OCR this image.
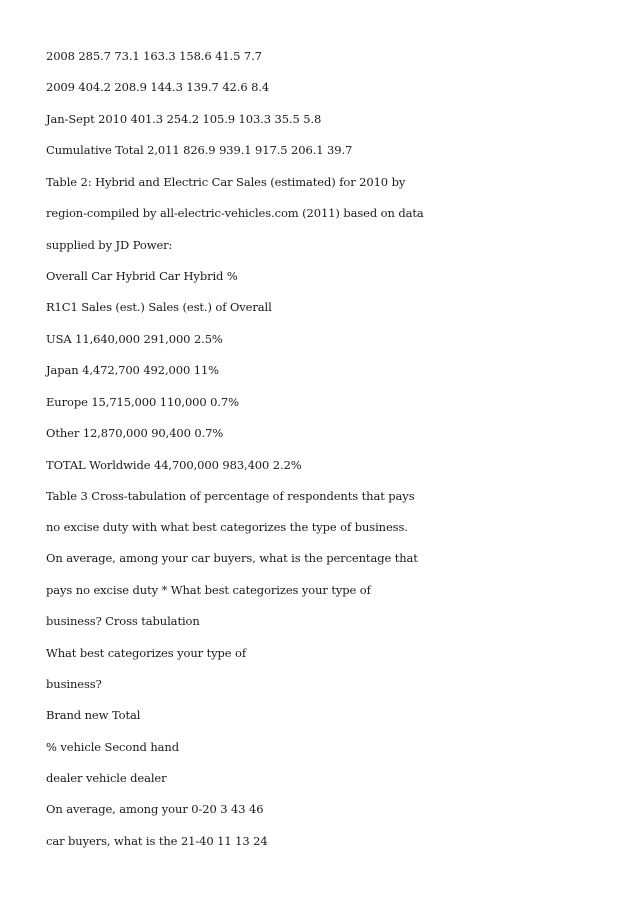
2008 285.7 73.1 163.3 158.6 41.5 7.7

2009 404.2 208.9 144.3 139.7 42.6 8.4

Jan-Sept 2010 401.3 254.2 105.9 103.3 35.5 5.8

Cumulative Total 2,011 826.9 939.1 917.5 206.1 39.7

Table 2: Hybrid and Electric Car Sales (estimated) for 2010 by

region-compiled by all-electric-vehicles.com (2011) based on data

supplied by JD Power:

Overall Car Hybrid Car Hybrid %

R1C1 Sales (est.) Sales (est.) of Overall

USA 11,640,000 291,000 2.5%

Japan 4,472,700 492,000 11%

Europe 15,715,000 110,000 0.7%

Other 12,870,000 90,400 0.7%

TOTAL Worldwide 44,700,000 983,400 2.2%

Table 3 Cross-tabulation of percentage of respondents that pays

no excise duty with what best categorizes the type of business.

On average, among your car buyers, what is the percentage that

pays no excise duty * What best categorizes your type of

business? Cross tabulation

What best categorizes your type of

business?

Brand new Total

% vehicle Second hand

dealer vehicle dealer

On average, among your 0-20 3 43 46

car buyers, what is the 21-40 11 13 24
